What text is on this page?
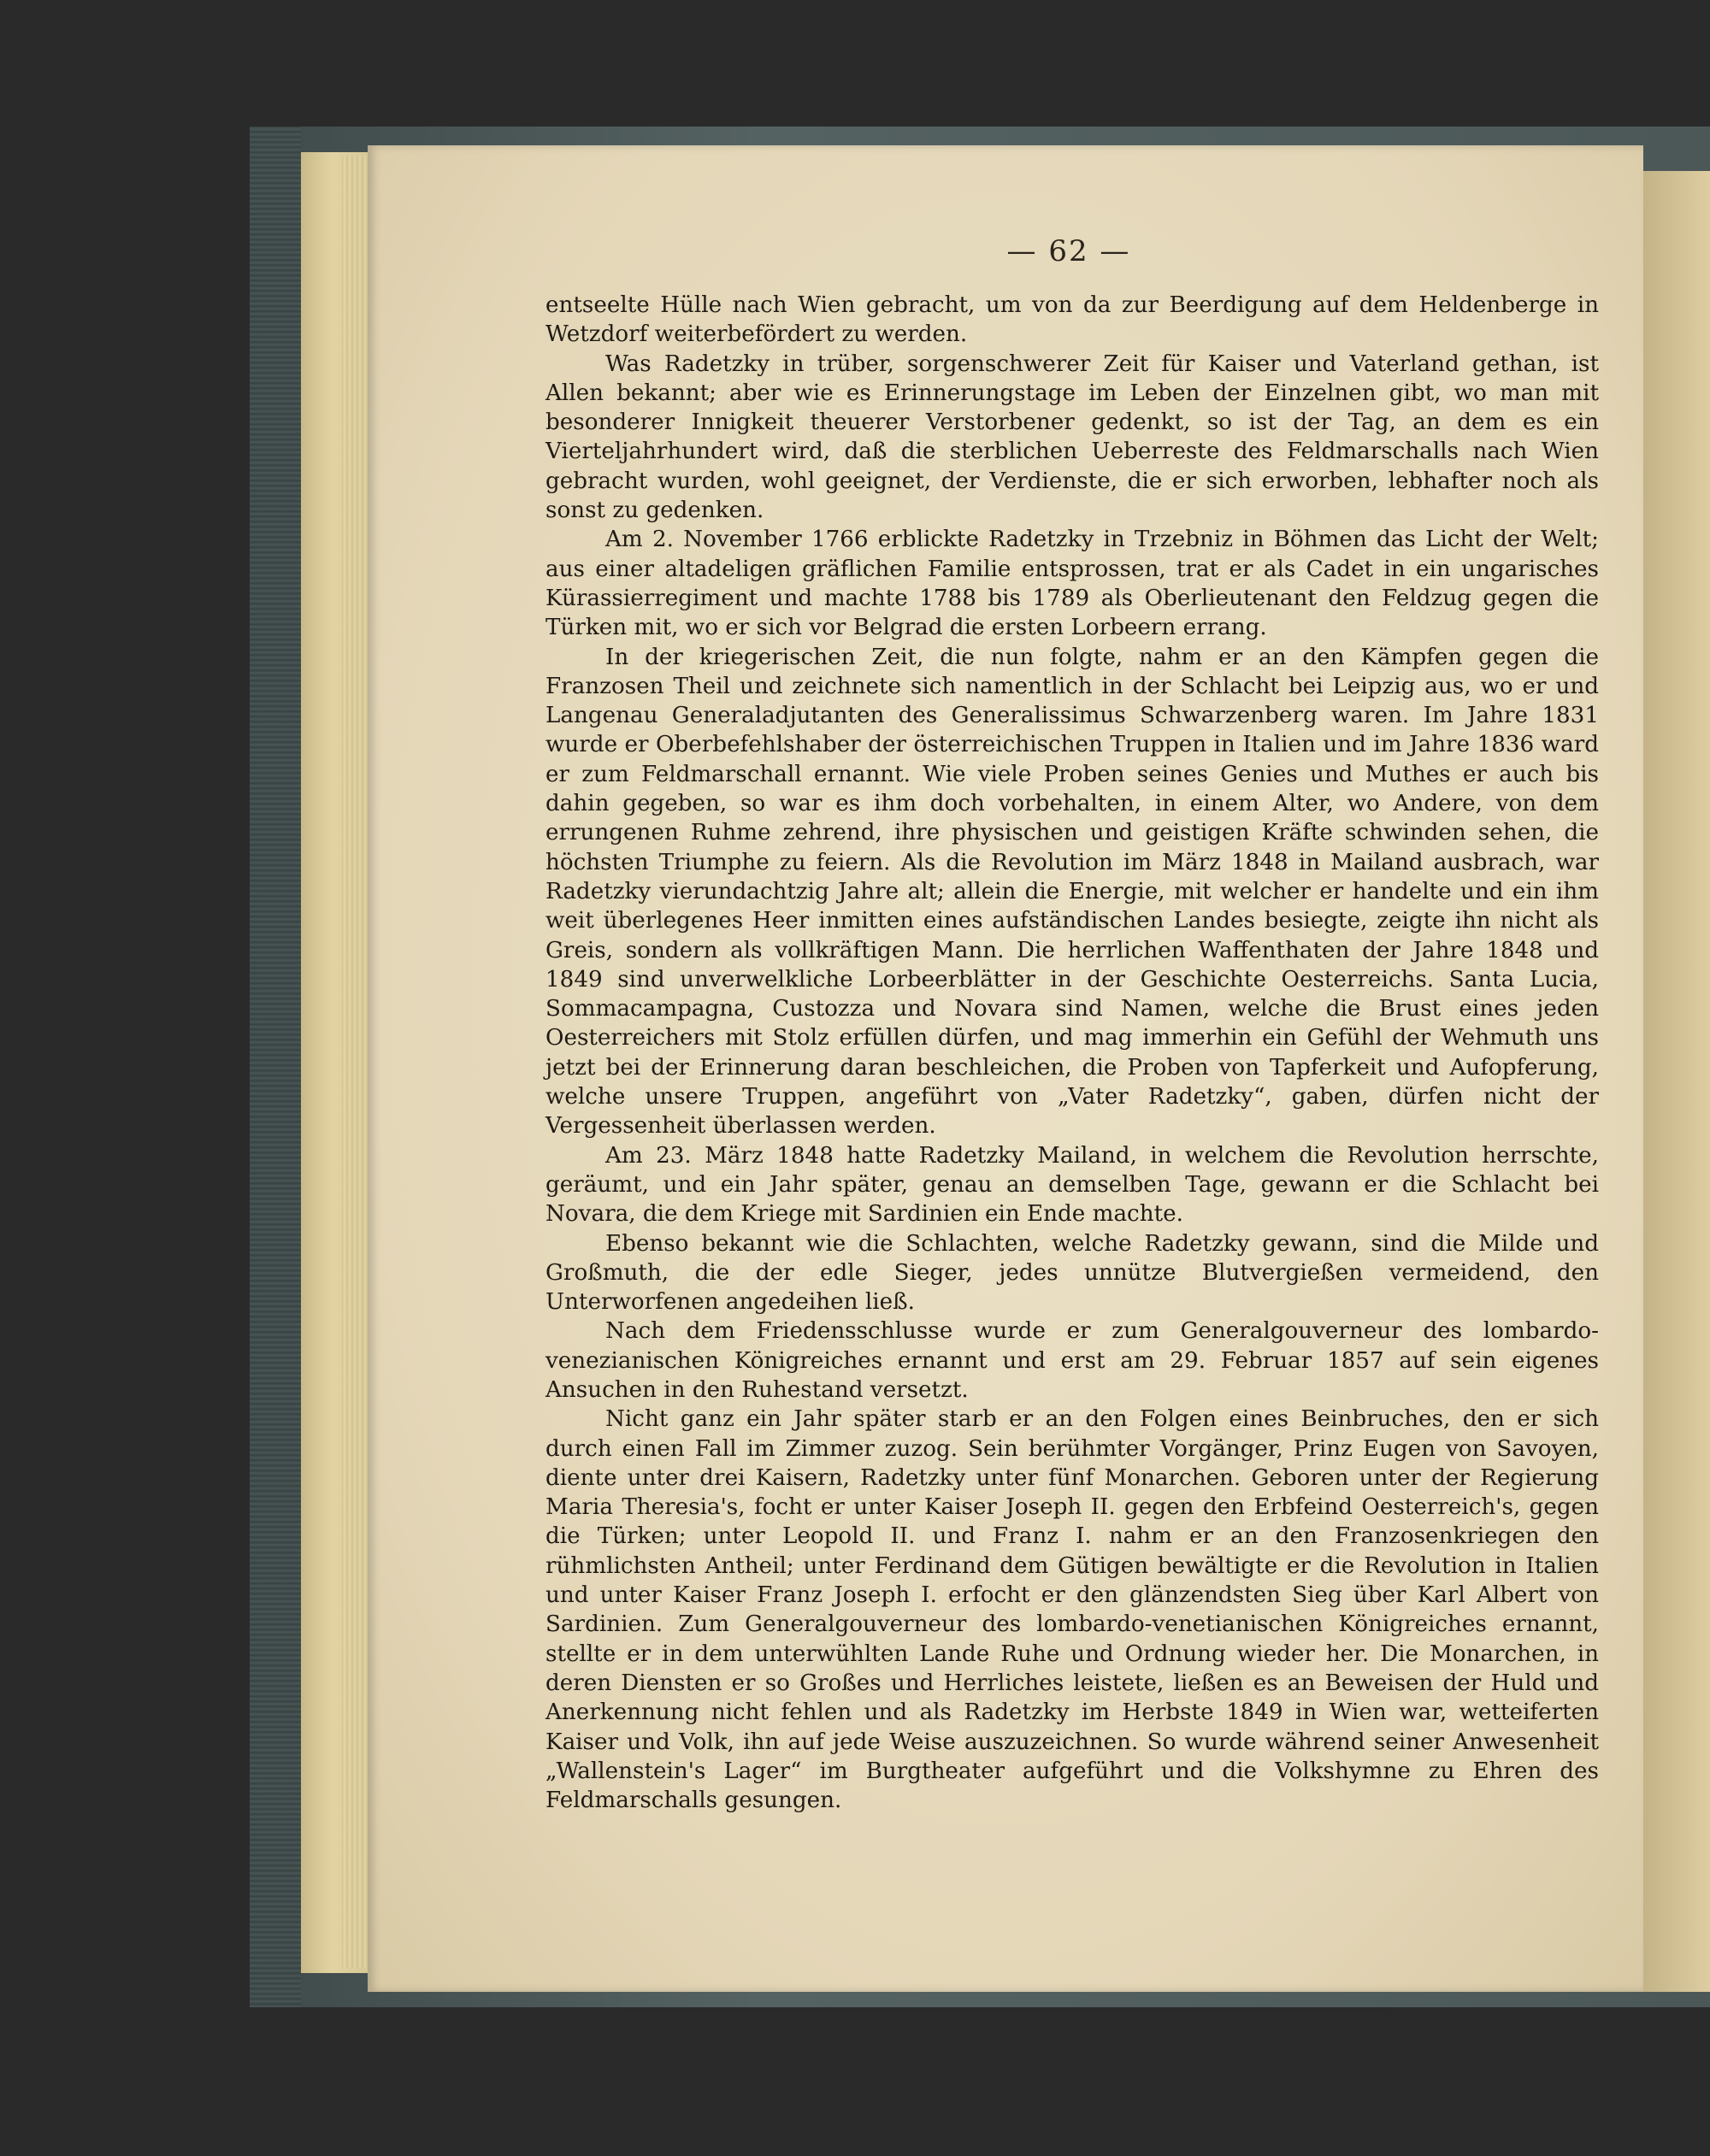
— 62 —

entseelte Hülle nach Wien gebracht, um von da zur Beerdigung auf dem Heldenberge in Wetzdorf weiterbefördert zu werden.

Was Radetzky in trüber, sorgenschwerer Zeit für Kaiser und Vaterland gethan, ist Allen bekannt; aber wie es Erinnerungstage im Leben der Einzelnen gibt, wo man mit besonderer Innigkeit theuerer Verstorbener gedenkt, so ist der Tag, an dem es ein Vierteljahrhundert wird, daß die sterblichen Ueberreste des Feldmarschalls nach Wien gebracht wurden, wohl geeignet, der Verdienste, die er sich erworben, lebhafter noch als sonst zu gedenken.

Am 2. November 1766 erblickte Radetzky in Trzebniz in Böhmen das Licht der Welt; aus einer altadeligen gräflichen Familie entsprossen, trat er als Cadet in ein ungarisches Kürassierregiment und machte 1788 bis 1789 als Oberlieutenant den Feldzug gegen die Türken mit, wo er sich vor Belgrad die ersten Lorbeern errang.

In der kriegerischen Zeit, die nun folgte, nahm er an den Kämpfen gegen die Franzosen Theil und zeichnete sich namentlich in der Schlacht bei Leipzig aus, wo er und Langenau Generaladjutanten des Generalissimus Schwarzenberg waren. Im Jahre 1831 wurde er Oberbefehlshaber der österreichischen Truppen in Italien und im Jahre 1836 ward er zum Feldmarschall ernannt. Wie viele Proben seines Genies und Muthes er auch bis dahin gegeben, so war es ihm doch vorbehalten, in einem Alter, wo Andere, von dem errungenen Ruhme zehrend, ihre physischen und geistigen Kräfte schwinden sehen, die höchsten Triumphe zu feiern. Als die Revolution im März 1848 in Mailand ausbrach, war Radetzky vierundachtzig Jahre alt; allein die Energie, mit welcher er handelte und ein ihm weit überlegenes Heer inmitten eines aufständischen Landes besiegte, zeigte ihn nicht als Greis, sondern als vollkräftigen Mann. Die herrlichen Waffenthaten der Jahre 1848 und 1849 sind unverwelkliche Lorbeerblätter in der Geschichte Oesterreichs. Santa Lucia, Sommacampagna, Custozza und Novara sind Namen, welche die Brust eines jeden Oesterreichers mit Stolz erfüllen dürfen, und mag immerhin ein Gefühl der Wehmuth uns jetzt bei der Erinnerung daran beschleichen, die Proben von Tapferkeit und Aufopferung, welche unsere Truppen, angeführt von „Vater Radetzky“, gaben, dürfen nicht der Vergessenheit überlassen werden.

Am 23. März 1848 hatte Radetzky Mailand, in welchem die Revolution herrschte, geräumt, und ein Jahr später, genau an demselben Tage, gewann er die Schlacht bei Novara, die dem Kriege mit Sardinien ein Ende machte.

Ebenso bekannt wie die Schlachten, welche Radetzky gewann, sind die Milde und Großmuth, die der edle Sieger, jedes unnütze Blutvergießen vermeidend, den Unterworfenen angedeihen ließ.

Nach dem Friedensschlusse wurde er zum Generalgouverneur des lombardo-venezianischen Königreiches ernannt und erst am 29. Februar 1857 auf sein eigenes Ansuchen in den Ruhestand versetzt.

Nicht ganz ein Jahr später starb er an den Folgen eines Beinbruches, den er sich durch einen Fall im Zimmer zuzog. Sein berühmter Vorgänger, Prinz Eugen von Savoyen, diente unter drei Kaisern, Radetzky unter fünf Monarchen. Geboren unter der Regierung Maria Theresia's, focht er unter Kaiser Joseph II. gegen den Erbfeind Oesterreich's, gegen die Türken; unter Leopold II. und Franz I. nahm er an den Franzosenkriegen den rühmlichsten Antheil; unter Ferdinand dem Gütigen bewältigte er die Revolution in Italien und unter Kaiser Franz Joseph I. erfocht er den glänzendsten Sieg über Karl Albert von Sardinien. Zum Generalgouverneur des lombardo-venetianischen Königreiches ernannt, stellte er in dem unterwühlten Lande Ruhe und Ordnung wieder her. Die Monarchen, in deren Diensten er so Großes und Herrliches leistete, ließen es an Beweisen der Huld und Anerkennung nicht fehlen und als Radetzky im Herbste 1849 in Wien war, wetteiferten Kaiser und Volk, ihn auf jede Weise auszuzeichnen. So wurde während seiner Anwesenheit „Wallenstein's Lager“ im Burgtheater aufgeführt und die Volkshymne zu Ehren des Feldmarschalls gesungen.
